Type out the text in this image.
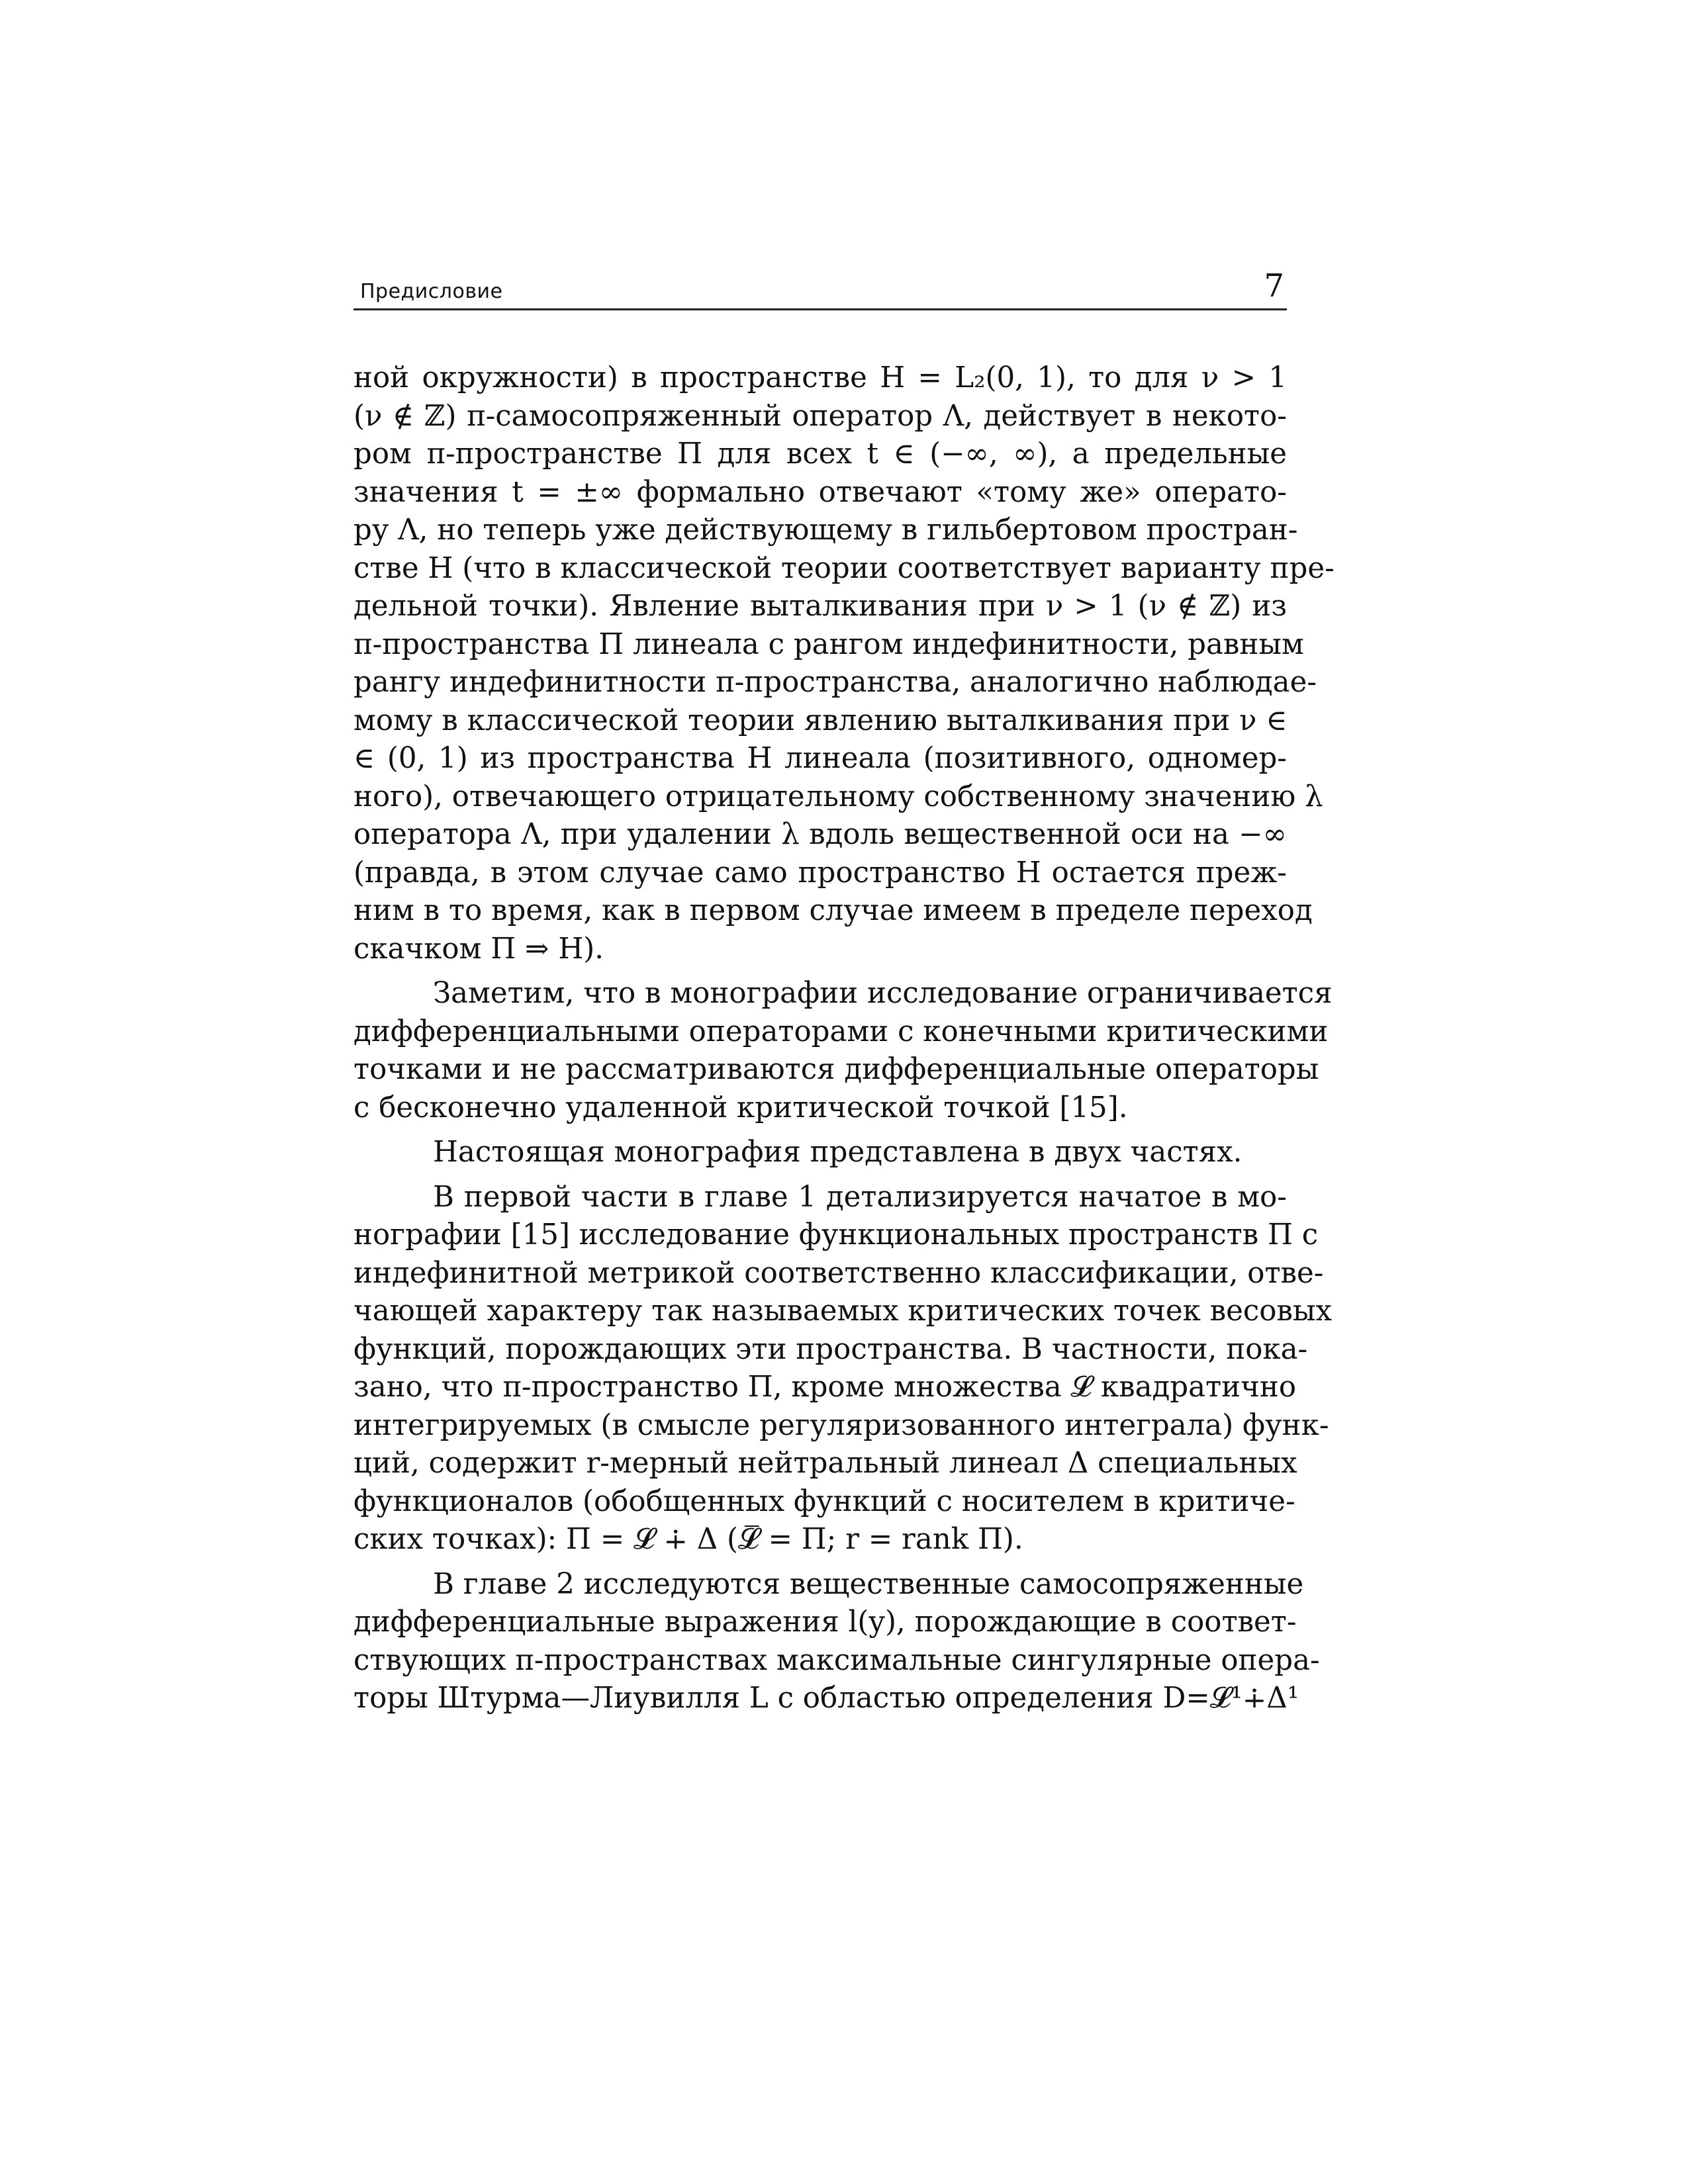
Предисловие	7
ной окружности) в пространстве H = L₂(0, 1), то для ν > 1
(ν ∉ ℤ) π-самосопряженный оператор Λ, действует в некото-
ром π-пространстве Π для всех t ∈ (−∞, ∞), а предельные
значения t = ±∞ формально отвечают «тому же» операто-
ру Λ, но теперь уже действующему в гильбертовом простран-
стве H (что в классической теории соответствует варианту пре-
дельной точки). Явление выталкивания при ν > 1 (ν ∉ ℤ) из
π-пространства Π линеала с рангом индефинитности, равным
рангу индефинитности π-пространства, аналогично наблюдае-
мому в классической теории явлению выталкивания при ν ∈
∈ (0, 1) из пространства H линеала (позитивного, одномер-
ного), отвечающего отрицательному собственному значению λ
оператора Λ, при удалении λ вдоль вещественной оси на −∞
(правда, в этом случае само пространство H остается преж-
ним в то время, как в первом случае имеем в пределе переход
скачком Π ⇒ H).
Заметим, что в монографии исследование ограничивается
дифференциальными операторами с конечными критическими
точками и не рассматриваются дифференциальные операторы
с бесконечно удаленной критической точкой [15].
Настоящая монография представлена в двух частях.
В первой части в главе 1 детализируется начатое в мо-
нографии [15] исследование функциональных пространств Π с
индефинитной метрикой соответственно классификации, отве-
чающей характеру так называемых критических точек весовых
функций, порождающих эти пространства. В частности, пока-
зано, что π-пространство Π, кроме множества 𝓛 квадратично
интегрируемых (в смысле регуляризованного интеграла) функ-
ций, содержит r-мерный нейтральный линеал Δ специальных
функционалов (обобщенных функций с носителем в критиче-
ских точках): Π = 𝓛 ∔ Δ (𝓛̅ = Π; r = rank Π).
В главе 2 исследуются вещественные самосопряженные
дифференциальные выражения l(y), порождающие в соответ-
ствующих π-пространствах максимальные сингулярные опера-
торы Штурма—Лиувилля L с областью определения D=𝓛¹∔Δ¹
